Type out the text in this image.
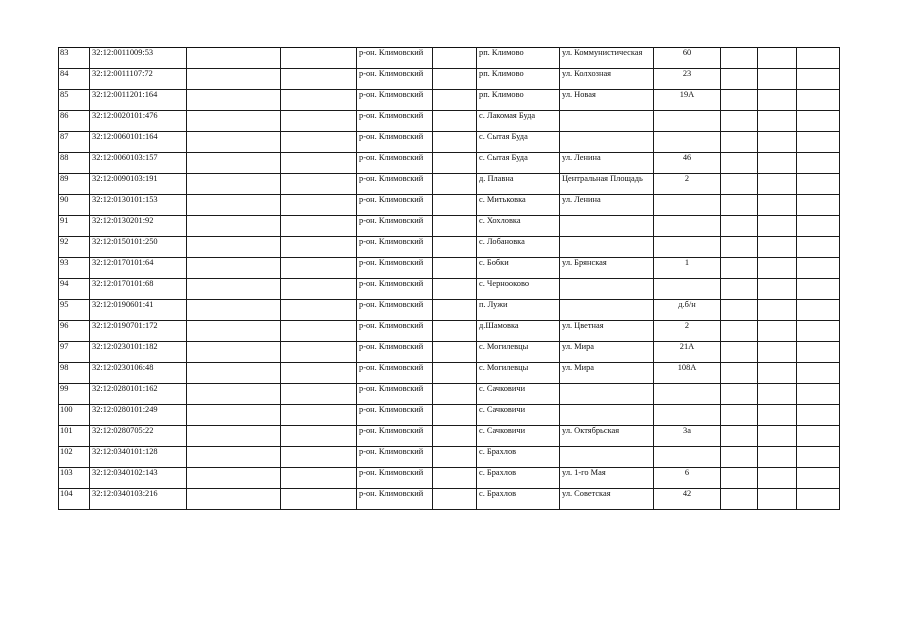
83	32:12:0011009:53			р-он. Климовский		рп. Климово	ул. Коммунистическая	60			
84	32:12:0011107:72			р-он. Климовский		рп. Климово	ул. Колхозная	23			
85	32:12:0011201:164			р-он. Климовский		рп. Климово	ул. Новая	19А			
86	32:12:0020101:476			р-он. Климовский		с. Лакомая Буда					
87	32:12:0060101:164			р-он. Климовский		с. Сытая Буда					
88	32:12:0060103:157			р-он. Климовский		с. Сытая Буда	ул. Ленина	46			
89	32:12:0090103:191			р-он. Климовский		д. Плавна	Центральная Площадь	2			
90	32:12:0130101:153			р-он. Климовский		с. Митьковка	ул. Ленина				
91	32:12:0130201:92			р-он. Климовский		с. Хохловка					
92	32:12:0150101:250			р-он. Климовский		с. Лобановка					
93	32:12:0170101:64			р-он. Климовский		с. Бобки	ул. Брянская	1			
94	32:12:0170101:68			р-он. Климовский		с. Чернооково					
95	32:12:0190601:41			р-он. Климовский		п. Лужи		д.б/н			
96	32:12:0190701:172			р-он. Климовский		д.Шамовка	ул. Цветная	2			
97	32:12:0230101:182			р-он. Климовский		с. Могилевцы	ул. Мира	21А			
98	32:12:0230106:48			р-он. Климовский		с. Могилевцы	ул. Мира	108А			
99	32:12:0280101:162			р-он. Климовский		с. Сачковичи					
100	32:12:0280101:249			р-он. Климовский		с. Сачковичи					
101	32:12:0280705:22			р-он. Климовский		с. Сачковичи	ул. Октябрьская	3а			
102	32:12:0340101:128			р-он. Климовский		с. Брахлов					
103	32:12:0340102:143			р-он. Климовский		с. Брахлов	ул. 1-го Мая	6			
104	32:12:0340103:216			р-он. Климовский		с. Брахлов	ул. Советская	42			
